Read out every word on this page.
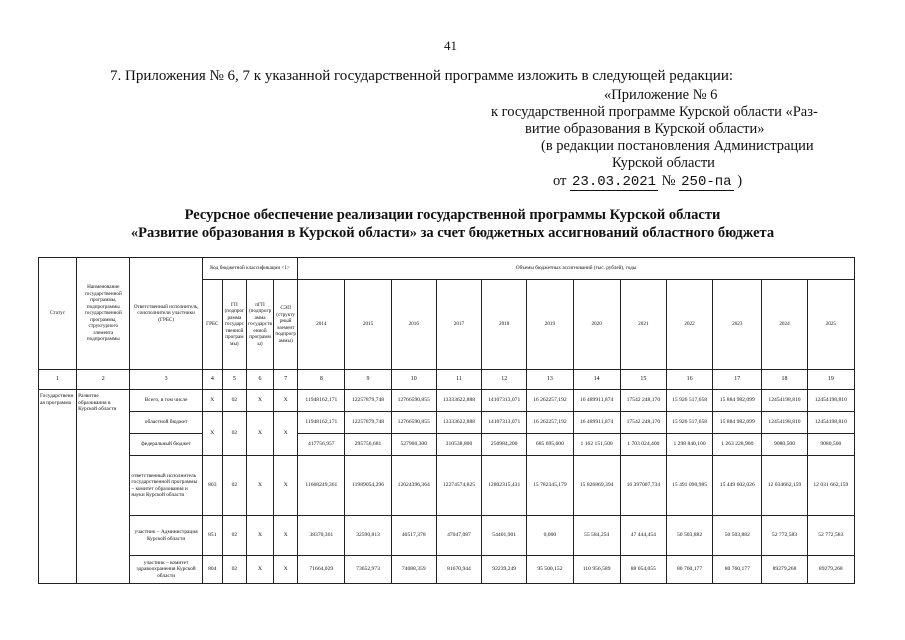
41
7. Приложения № 6, 7 к указанной государственной программе изложить в следующей редакции:
«Приложение № 6
к государственной программе Курской области «Раз-
витие образования в Курской области»
(в редакции постановления Администрации
Курской области
от 23.03.2021 № 250-па )
Ресурсное обеспечение реализации государственной программы Курской области
«Развитие образования в Курской области» за счет бюджетных ассигнований областного бюджета
Статус	Наименование государственной программы, подпрограммы государственной программы, структурного элемента подпрограммы	Ответственный исполнитель, соисполнители участники (ГРБС)	Код бюджетной классификации <1>				Объемы бюджетных ассигнований (тыс. рублей), годы											
			ГРБС	ГП (подпрограмма государственной программы)	пГП (подпрограмма государственной программы)	СЭП (структурный элемент подпрограммы)	2014	2015	2016	2017	2018	2019	2020	2021	2022	2023	2024	2025
1	2	3	4	5	6	7	8	9	10	11	12	13	14	15	16	17	18	19
Государственная программа	Развитие образования в Курской области	Всего, в том числе	X	02	X	X	11948162,171	12257879,748	12766590,855	13333622,888	14107313,071	16 262257,192	16 489911,874	17542 248,170	15 926 517,658	15 884 982,099	12454198,810	12454198,810
		областной бюджет	X	02	X	X	11948162,171	12257879,748	12766590,855	13333622,888	14107313,071	16 262257,192	16 489911,874	17542 248,170	15 926 517,658	15 884 982,099	12454198,810	12454198,810
		федеральный бюджет					417756,957	295756,681	527900,300	310538,800	250984,200	685 695,600	1 162 151,500	1 703 024,400	1 298 840,100	1 263 228,900	9080,500	9080,500
		ответственный исполнитель государственной программы – комитет образования и науки Курской области	803	02	X	X	11668249,361	11989054,296	12024396,364	12274574,825	12802315,431	15 782345,179	15 826869,394	16 397007,734	15 491 090,985	15 449 602,026	12 034662,159	12 031 662,159
		участник – Администрация Курской области	851	02	X	X	38370,361	32590,813	40517,378	47047,087	54401,901	0,000	55 584,254	47 444,454	50 503,882	50 503,882	52 772,583	52 772,583
		участник – комитет здравоохранения Курской области	804	02	X	X	71664,029	73652,973	74088,359	81670,944	92239,249	95 500,152	110 956,589	88 054,055	80 760,177	80 760,177	89279,268	89279,268
